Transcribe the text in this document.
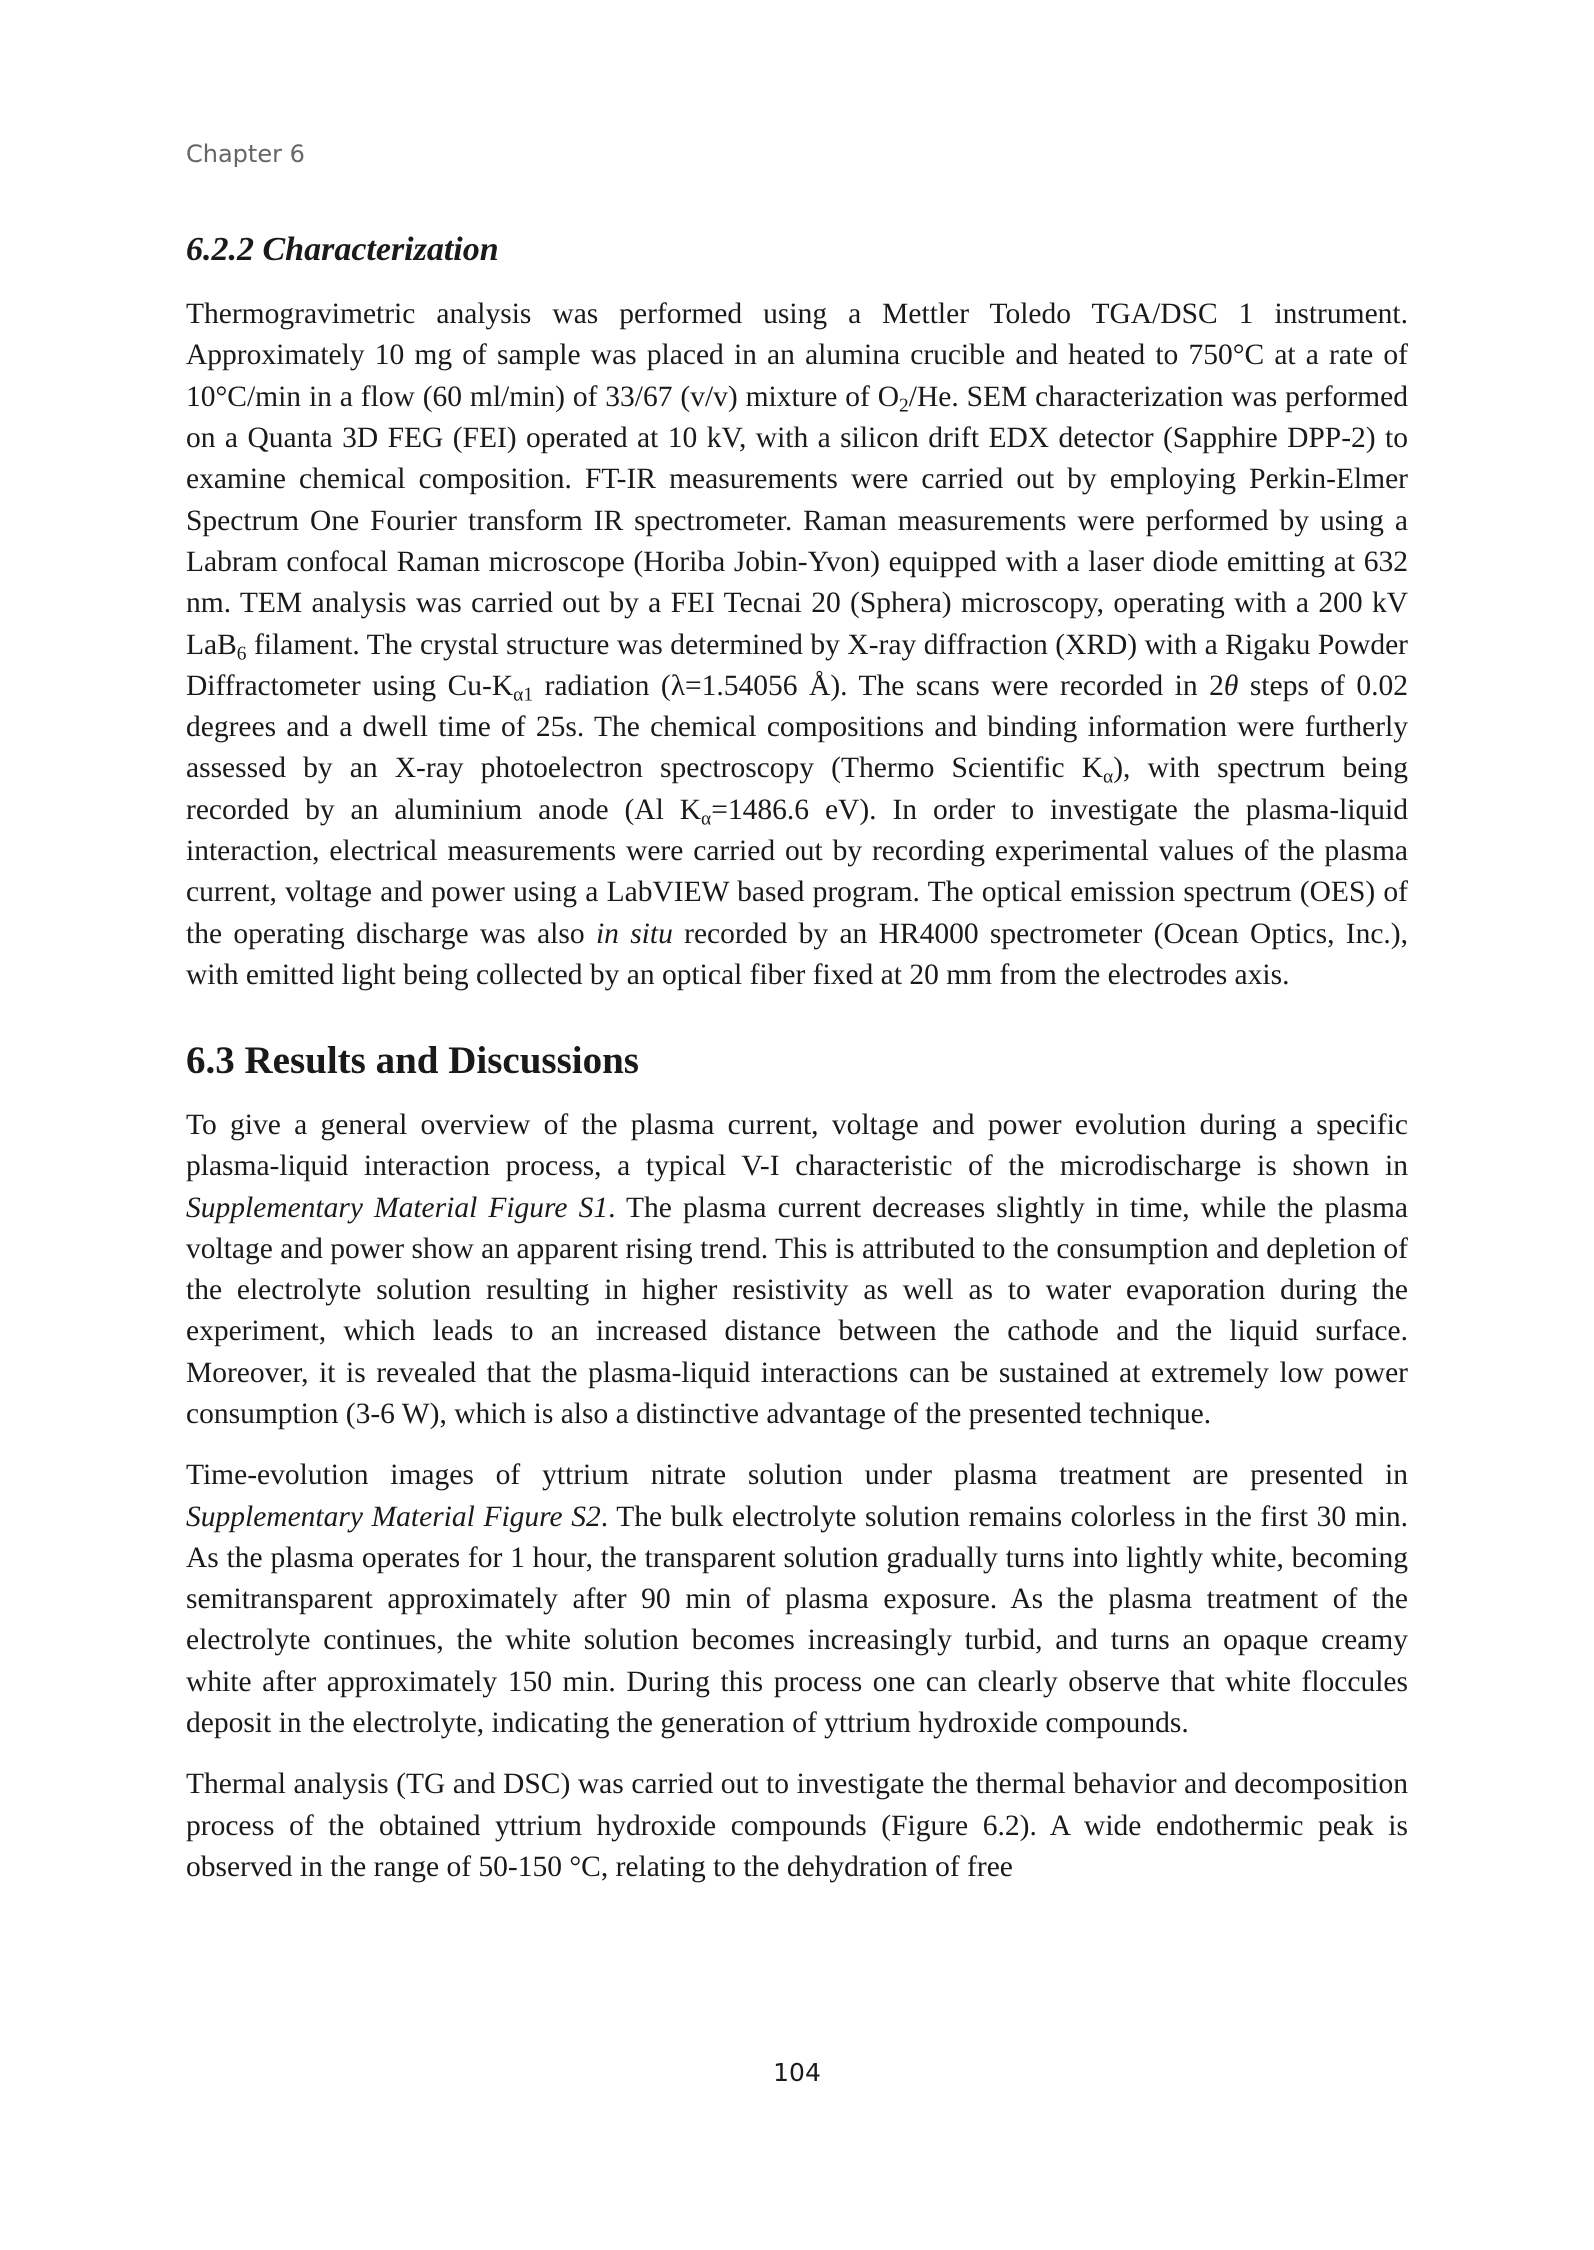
Chapter 6

6.2.2 Characterization

Thermogravimetric analysis was performed using a Mettler Toledo TGA/DSC 1 instrument. Approximately 10 mg of sample was placed in an alumina crucible and heated to 750°C at a rate of 10°C/min in a flow (60 ml/min) of 33/67 (v/v) mixture of $O_2/He$. SEM characterization was performed on a Quanta 3D FEG (FEI) operated at 10 kV, with a silicon drift EDX detector (Sapphire DPP-2) to examine chemical composition. FT-IR measurements were carried out by employing Perkin-Elmer Spectrum One Fourier transform IR spectrometer. Raman measurements were performed by using a Labram confocal Raman microscope (Horiba Jobin-Yvon) equipped with a laser diode emitting at 632 nm. TEM analysis was carried out by a FEI Tecnai 20 (Sphera) microscopy, operating with a 200 kV LaB$_6$ filament. The crystal structure was determined by X-ray diffraction (XRD) with a Rigaku Powder Diffractometer using $Cu-K_{\alpha 1}$ radiation (λ=1.54056 Å). The scans were recorded in 2θ steps of 0.02 degrees and a dwell time of 25s. The chemical compositions and binding information were furtherly assessed by an X-ray photoelectron spectroscopy (Thermo Scientific $K_\alpha$), with spectrum being recorded by an aluminium anode (Al $K_\alpha=1486.6$ eV). In order to investigate the plasma-liquid interaction, electrical measurements were carried out by recording experimental values of the plasma current, voltage and power using a LabVIEW based program. The optical emission spectrum (OES) of the operating discharge was also in situ recorded by an HR4000 spectrometer (Ocean Optics, Inc.), with emitted light being collected by an optical fiber fixed at 20 mm from the electrodes axis.

6.3 Results and Discussions

To give a general overview of the plasma current, voltage and power evolution during a specific plasma-liquid interaction process, a typical V-I characteristic of the microdischarge is shown in Supplementary Material Figure S1. The plasma current decreases slightly in time, while the plasma voltage and power show an apparent rising trend. This is attributed to the consumption and depletion of the electrolyte solution resulting in higher resistivity as well as to water evaporation during the experiment, which leads to an increased distance between the cathode and the liquid surface. Moreover, it is revealed that the plasma-liquid interactions can be sustained at extremely low power consumption (3-6 W), which is also a distinctive advantage of the presented technique.

Time-evolution images of yttrium nitrate solution under plasma treatment are presented in Supplementary Material Figure S2. The bulk electrolyte solution remains colorless in the first 30 min. As the plasma operates for 1 hour, the transparent solution gradually turns into lightly white, becoming semitransparent approximately after 90 min of plasma exposure. As the plasma treatment of the electrolyte continues, the white solution becomes increasingly turbid, and turns an opaque creamy white after approximately 150 min. During this process one can clearly observe that white floccules deposit in the electrolyte, indicating the generation of yttrium hydroxide compounds.

Thermal analysis (TG and DSC) was carried out to investigate the thermal behavior and decomposition process of the obtained yttrium hydroxide compounds (Figure 6.2). A wide endothermic peak is observed in the range of 50-150 °C, relating to the dehydration of free

104
